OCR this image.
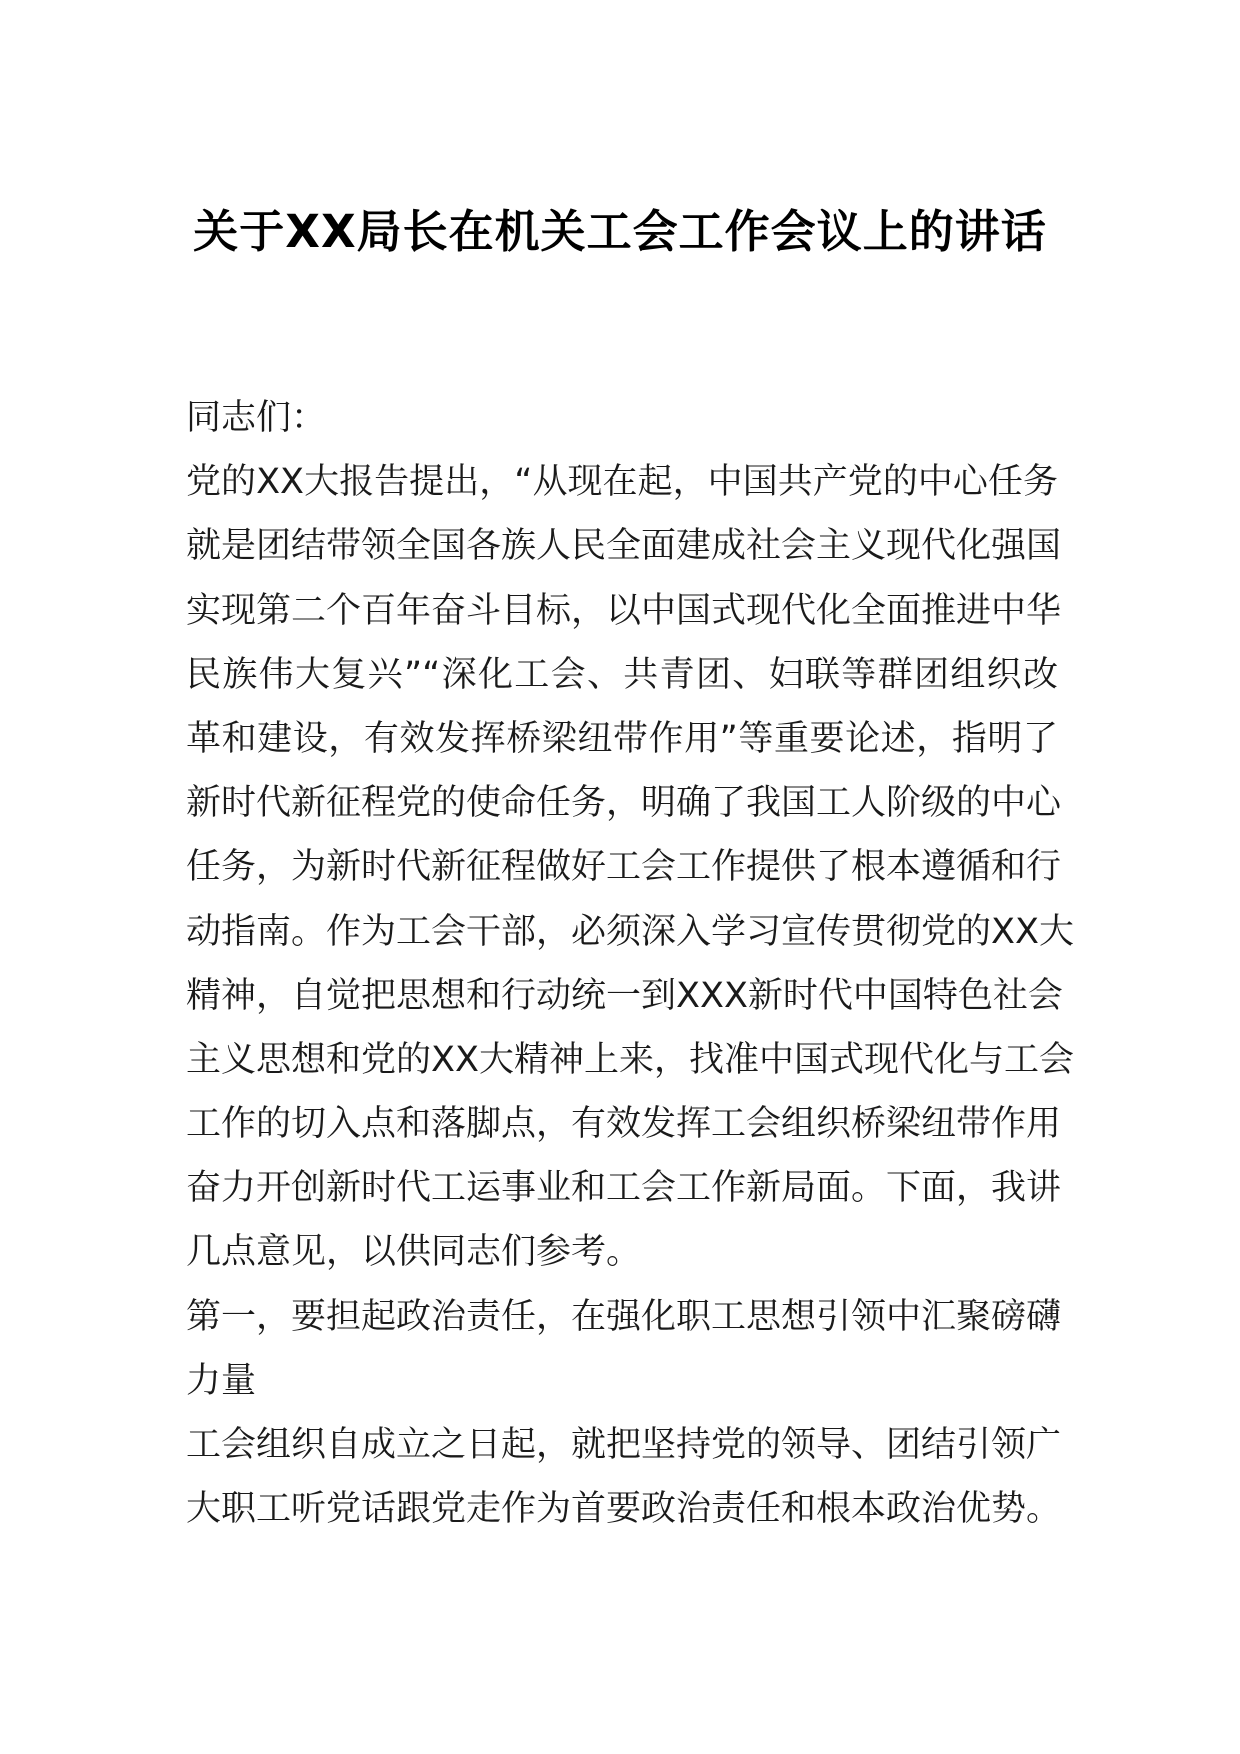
关于XX局长在机关工会工作会议上的讲话
同志们：
党的XX大报告提出，“从现在起，中国共产党的中心任务
就是团结带领全国各族人民全面建成社会主义现代化强国
实现第二个百年奋斗目标，以中国式现代化全面推进中华
民族伟大复兴”“深化工会、共青团、妇联等群团组织改
革和建设，有效发挥桥梁纽带作用”等重要论述，指明了
新时代新征程党的使命任务，明确了我国工人阶级的中心
任务，为新时代新征程做好工会工作提供了根本遵循和行
动指南。作为工会干部，必须深入学习宣传贯彻党的XX大
精神，自觉把思想和行动统一到XXX新时代中国特色社会
主义思想和党的XX大精神上来，找准中国式现代化与工会
工作的切入点和落脚点，有效发挥工会组织桥梁纽带作用
奋力开创新时代工运事业和工会工作新局面。下面，我讲
几点意见，以供同志们参考。
第一，要担起政治责任，在强化职工思想引领中汇聚磅礴
力量
工会组织自成立之日起，就把坚持党的领导、团结引领广
大职工听党话跟党走作为首要政治责任和根本政治优势。
